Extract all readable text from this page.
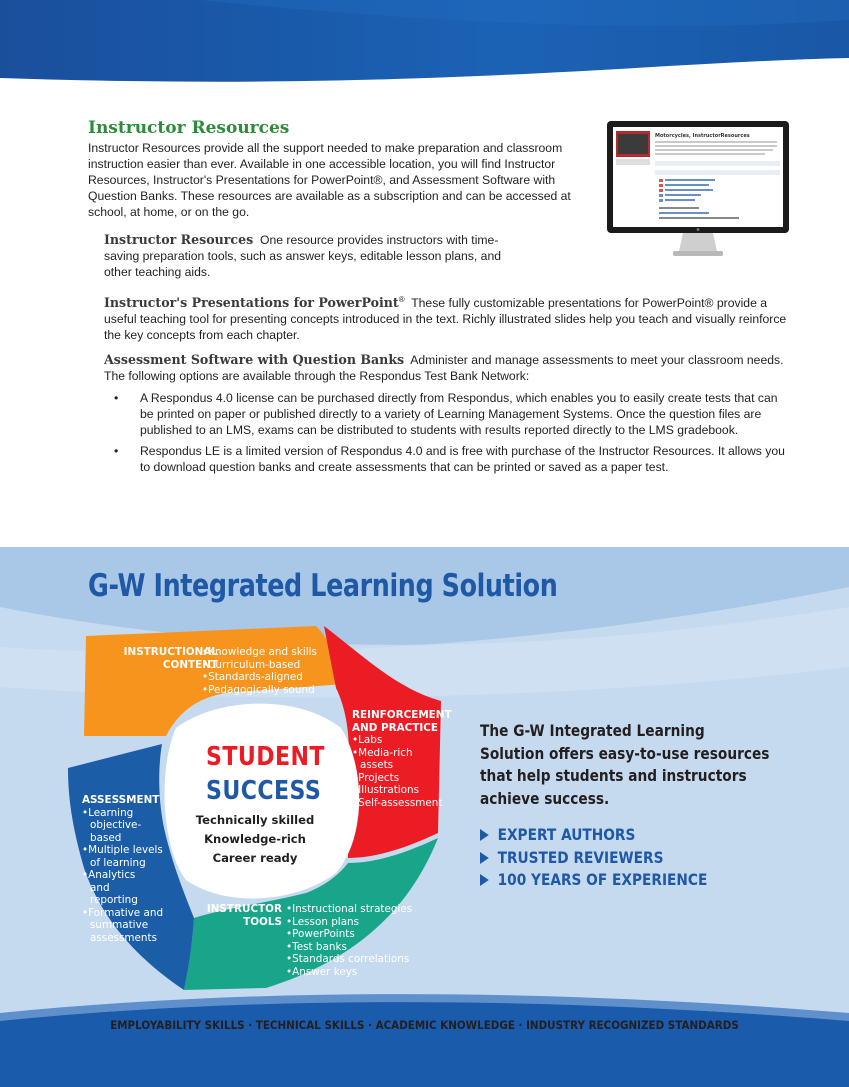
Instructor Resources
Instructor Resources provide all the support needed to make preparation and classroom instruction easier than ever. Available in one accessible location, you will find Instructor Resources, Instructor's Presentations for PowerPoint®, and Assessment Software with Question Banks. These resources are available as a subscription and can be accessed at school, at home, or on the go.
Motorcycles, InstructorResources
Instructor Resources One resource provides instructors with time-saving preparation tools, such as answer keys, editable lesson plans, and other teaching aids.
Instructor's Presentations for PowerPoint® These fully customizable presentations for PowerPoint® provide a useful teaching tool for presenting concepts introduced in the text. Richly illustrated slides help you teach and visually reinforce the key concepts from each chapter.
Assessment Software with Question Banks Administer and manage assessments to meet your classroom needs. The following options are available through the Respondus Test Bank Network:
• A Respondus 4.0 license can be purchased directly from Respondus, which enables you to easily create tests that can be printed on paper or published directly to a variety of Learning Management Systems. Once the question files are published to an LMS, exams can be distributed to students with results reported directly to the LMS gradebook.
• Respondus LE is a limited version of Respondus 4.0 and is free with purchase of the Instructor Resources. It allows you to download question banks and create assessments that can be printed or saved as a paper test.
G-W Integrated Learning Solution
INSTRUCTIONAL
CONTENT
• Knowledge and skills
• Curriculum-based
• Standards-aligned
• Pedagogically sound
REINFORCEMENT
AND PRACTICE
• Labs
• Media-rich assets
• Projects
• Illustrations
• Self-assessment
ASSESSMENT
• Learning objective-based
• Multiple levels of learning
• Analytics and reporting
• Formative and summative assessments
INSTRUCTOR
TOOLS
• Instructional strategies
• Lesson plans
• PowerPoints
• Test banks
• Standards correlations
• Answer keys
STUDENT
SUCCESS
Technically skilled
Knowledge-rich
Career ready
The G-W Integrated Learning Solution offers easy-to-use resources that help students and instructors achieve success.
EXPERT AUTHORS
TRUSTED REVIEWERS
100 YEARS OF EXPERIENCE
EMPLOYABILITY SKILLS · TECHNICAL SKILLS · ACADEMIC KNOWLEDGE · INDUSTRY RECOGNIZED STANDARDS
